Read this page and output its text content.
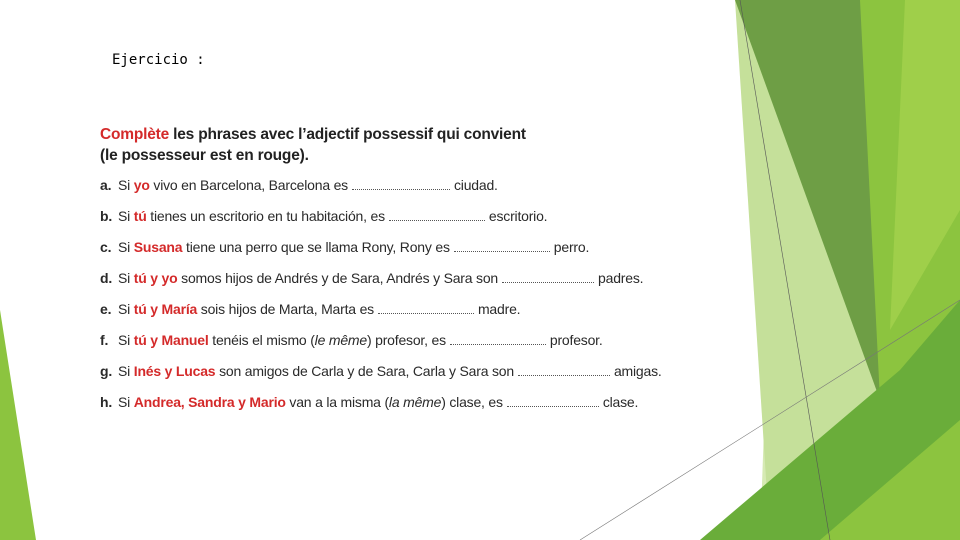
Ejercicio :
Complète les phrases avec l’adjectif possessif qui convient
(le possesseur est en rouge).
a. Si yo vivo en Barcelona, Barcelona es	ciudad.
b. Si tú tienes un escritorio en tu habitación, es	escritorio.
c. Si Susana tiene una perro que se llama Rony, Rony es	perro.
d. Si tú y yo somos hijos de Andrés y de Sara, Andrés y Sara son	padres.
e. Si tú y María sois hijos de Marta, Marta es	madre.
f. Si tú y Manuel tenéis el mismo (le même) profesor, es	profesor.
g. Si Inés y Lucas son amigos de Carla y de Sara, Carla y Sara son	amigas.
h. Si Andrea, Sandra y Mario van a la misma (la même) clase, es	clase.
